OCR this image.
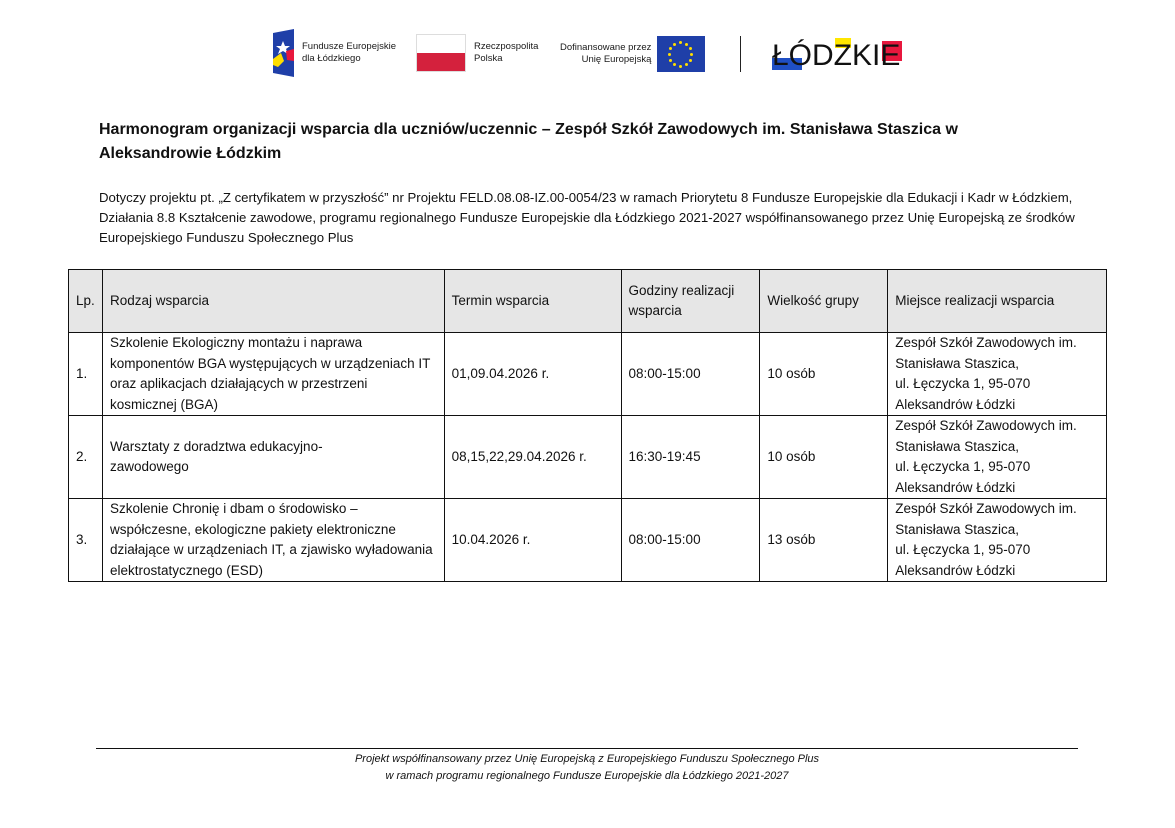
Fundusze Europejskie
dla Łódzkiego
Rzeczpospolita
Polska
Dofinansowane przez
Unię Europejską	ŁÓDZKIE
Harmonogram organizacji wsparcia dla uczniów/uczennic – Zespół Szkół Zawodowych im. Stanisława Staszica w Aleksandrowie Łódzkim
Dotyczy projektu pt. „Z certyfikatem w przyszłość” nr Projektu FELD.08.08-IZ.00-0054/23 w ramach Priorytetu 8 Fundusze Europejskie dla Edukacji i Kadr w Łódzkiem, Działania 8.8 Kształcenie zawodowe, programu regionalnego Fundusze Europejskie dla Łódzkiego 2021-2027 współfinansowanego przez Unię Europejską ze środków Europejskiego Funduszu Społecznego Plus
Lp.	Rodzaj wsparcia	Termin wsparcia	Godziny realizacji wsparcia	Wielkość grupy	Miejsce realizacji wsparcia
1.	Szkolenie Ekologiczny montażu i naprawa komponentów BGA występujących w urządzeniach IT oraz aplikacjach działających w przestrzeni kosmicznej (BGA)	01,09.04.2026 r.	08:00-15:00	10 osób	Zespół Szkół Zawodowych im.
Stanisława Staszica,
ul. Łęczycka 1, 95-070
Aleksandrów Łódzki

2.	Warsztaty z doradztwa edukacyjno-zawodowego	08,15,22,29.04.2026 r.	16:30-19:45	10 osób	Zespół Szkół Zawodowych im.
Stanisława Staszica,
ul. Łęczycka 1, 95-070
Aleksandrów Łódzki

3.	Szkolenie Chronię i dbam o środowisko – współczesne, ekologiczne pakiety elektroniczne działające w urządzeniach IT, a zjawisko wyładowania elektrostatycznego (ESD)	10.04.2026 r.	08:00-15:00	13 osób	Zespół Szkół Zawodowych im.
Stanisława Staszica,
ul. Łęczycka 1, 95-070
Aleksandrów Łódzki
Projekt współfinansowany przez Unię Europejską z Europejskiego Funduszu Społecznego Plus
w ramach programu regionalnego Fundusze Europejskie dla Łódzkiego 2021-2027
